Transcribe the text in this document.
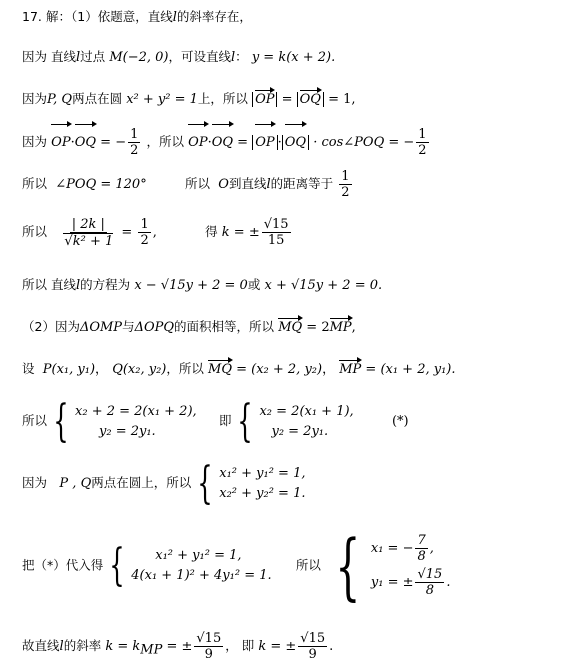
17. 解：（1）依题意，直线l的斜率存在，
因为 直线l过点 M(−2, 0)，可设直线l： y = k(x + 2).
因为P, Q两点在圆 x² + y² = 1上，所以 OP = OQ = 1,
因为 OP·OQ = − $\frac{1}{2}$ ，所以 OP·OQ = OP · OQ · cos∠POQ = − $\frac{1}{2}$
所以 ∠POQ = 120°	所以 O到直线l的距离等于 $\frac{1}{2}$
所以 | 2k |
√ $k^2 + 1 = \frac{1}{2}$ ,	得 k = ± $\frac{√15}{15}$
所以 直线l的方程为 x − √15y + 2 = 0或 x + √15y + 2 = 0.
（2）因为ΔOMP与ΔOPQ的面积相等，所以 MQ = 2MP,
设 P(x₁, y₁)， Q(x₂, y₂)，所以 MQ = (x₂ + 2, y₂)， MP = (x₁ + 2, y₁).
所以 { x₂ + 2 = 2(x₁ + 2),
y₂ = 2y₁.
即 { x₂ = 2(x₁ + 1),
y₂ = 2y₁.
(*)
因为 P , Q两点在圆上，所以 { x₁² + y₁² = 1,
x₂² + y₂² = 1.
把（*）代入得 {	x₁² + y₁² = 1,
4(x₁ + 1)² + 4y₁² = 1.
所以 { x₁ = − $\frac{7}{8}$ ,
y₁ = ± $\frac{√15}{8}$ .
故直线l的斜率 $k = k_{MP}$ = ± $\frac{√15}{9}$ ， 即 k = ± $\frac{√15}{9}$ .
